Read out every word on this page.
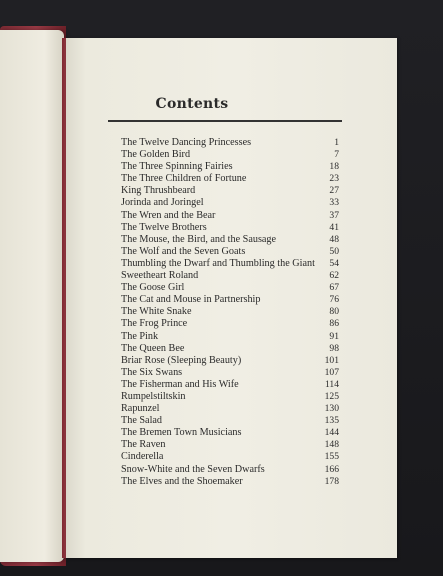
Contents
The Twelve Dancing Princesses	1
The Golden Bird	7
The Three Spinning Fairies	18
The Three Children of Fortune	23
King Thrushbeard	27
Jorinda and Joringel	33
The Wren and the Bear	37
The Twelve Brothers	41
The Mouse, the Bird, and the Sausage	48
The Wolf and the Seven Goats	50
Thumbling the Dwarf and Thumbling the Giant	54
Sweetheart Roland	62
The Goose Girl	67
The Cat and Mouse in Partnership	76
The White Snake	80
The Frog Prince	86
The Pink	91
The Queen Bee	98
Briar Rose (Sleeping Beauty)	101
The Six Swans	107
The Fisherman and His Wife	114
Rumpelstiltskin	125
Rapunzel	130
The Salad	135
The Bremen Town Musicians	144
The Raven	148
Cinderella	155
Snow-White and the Seven Dwarfs	166
The Elves and the Shoemaker	178
